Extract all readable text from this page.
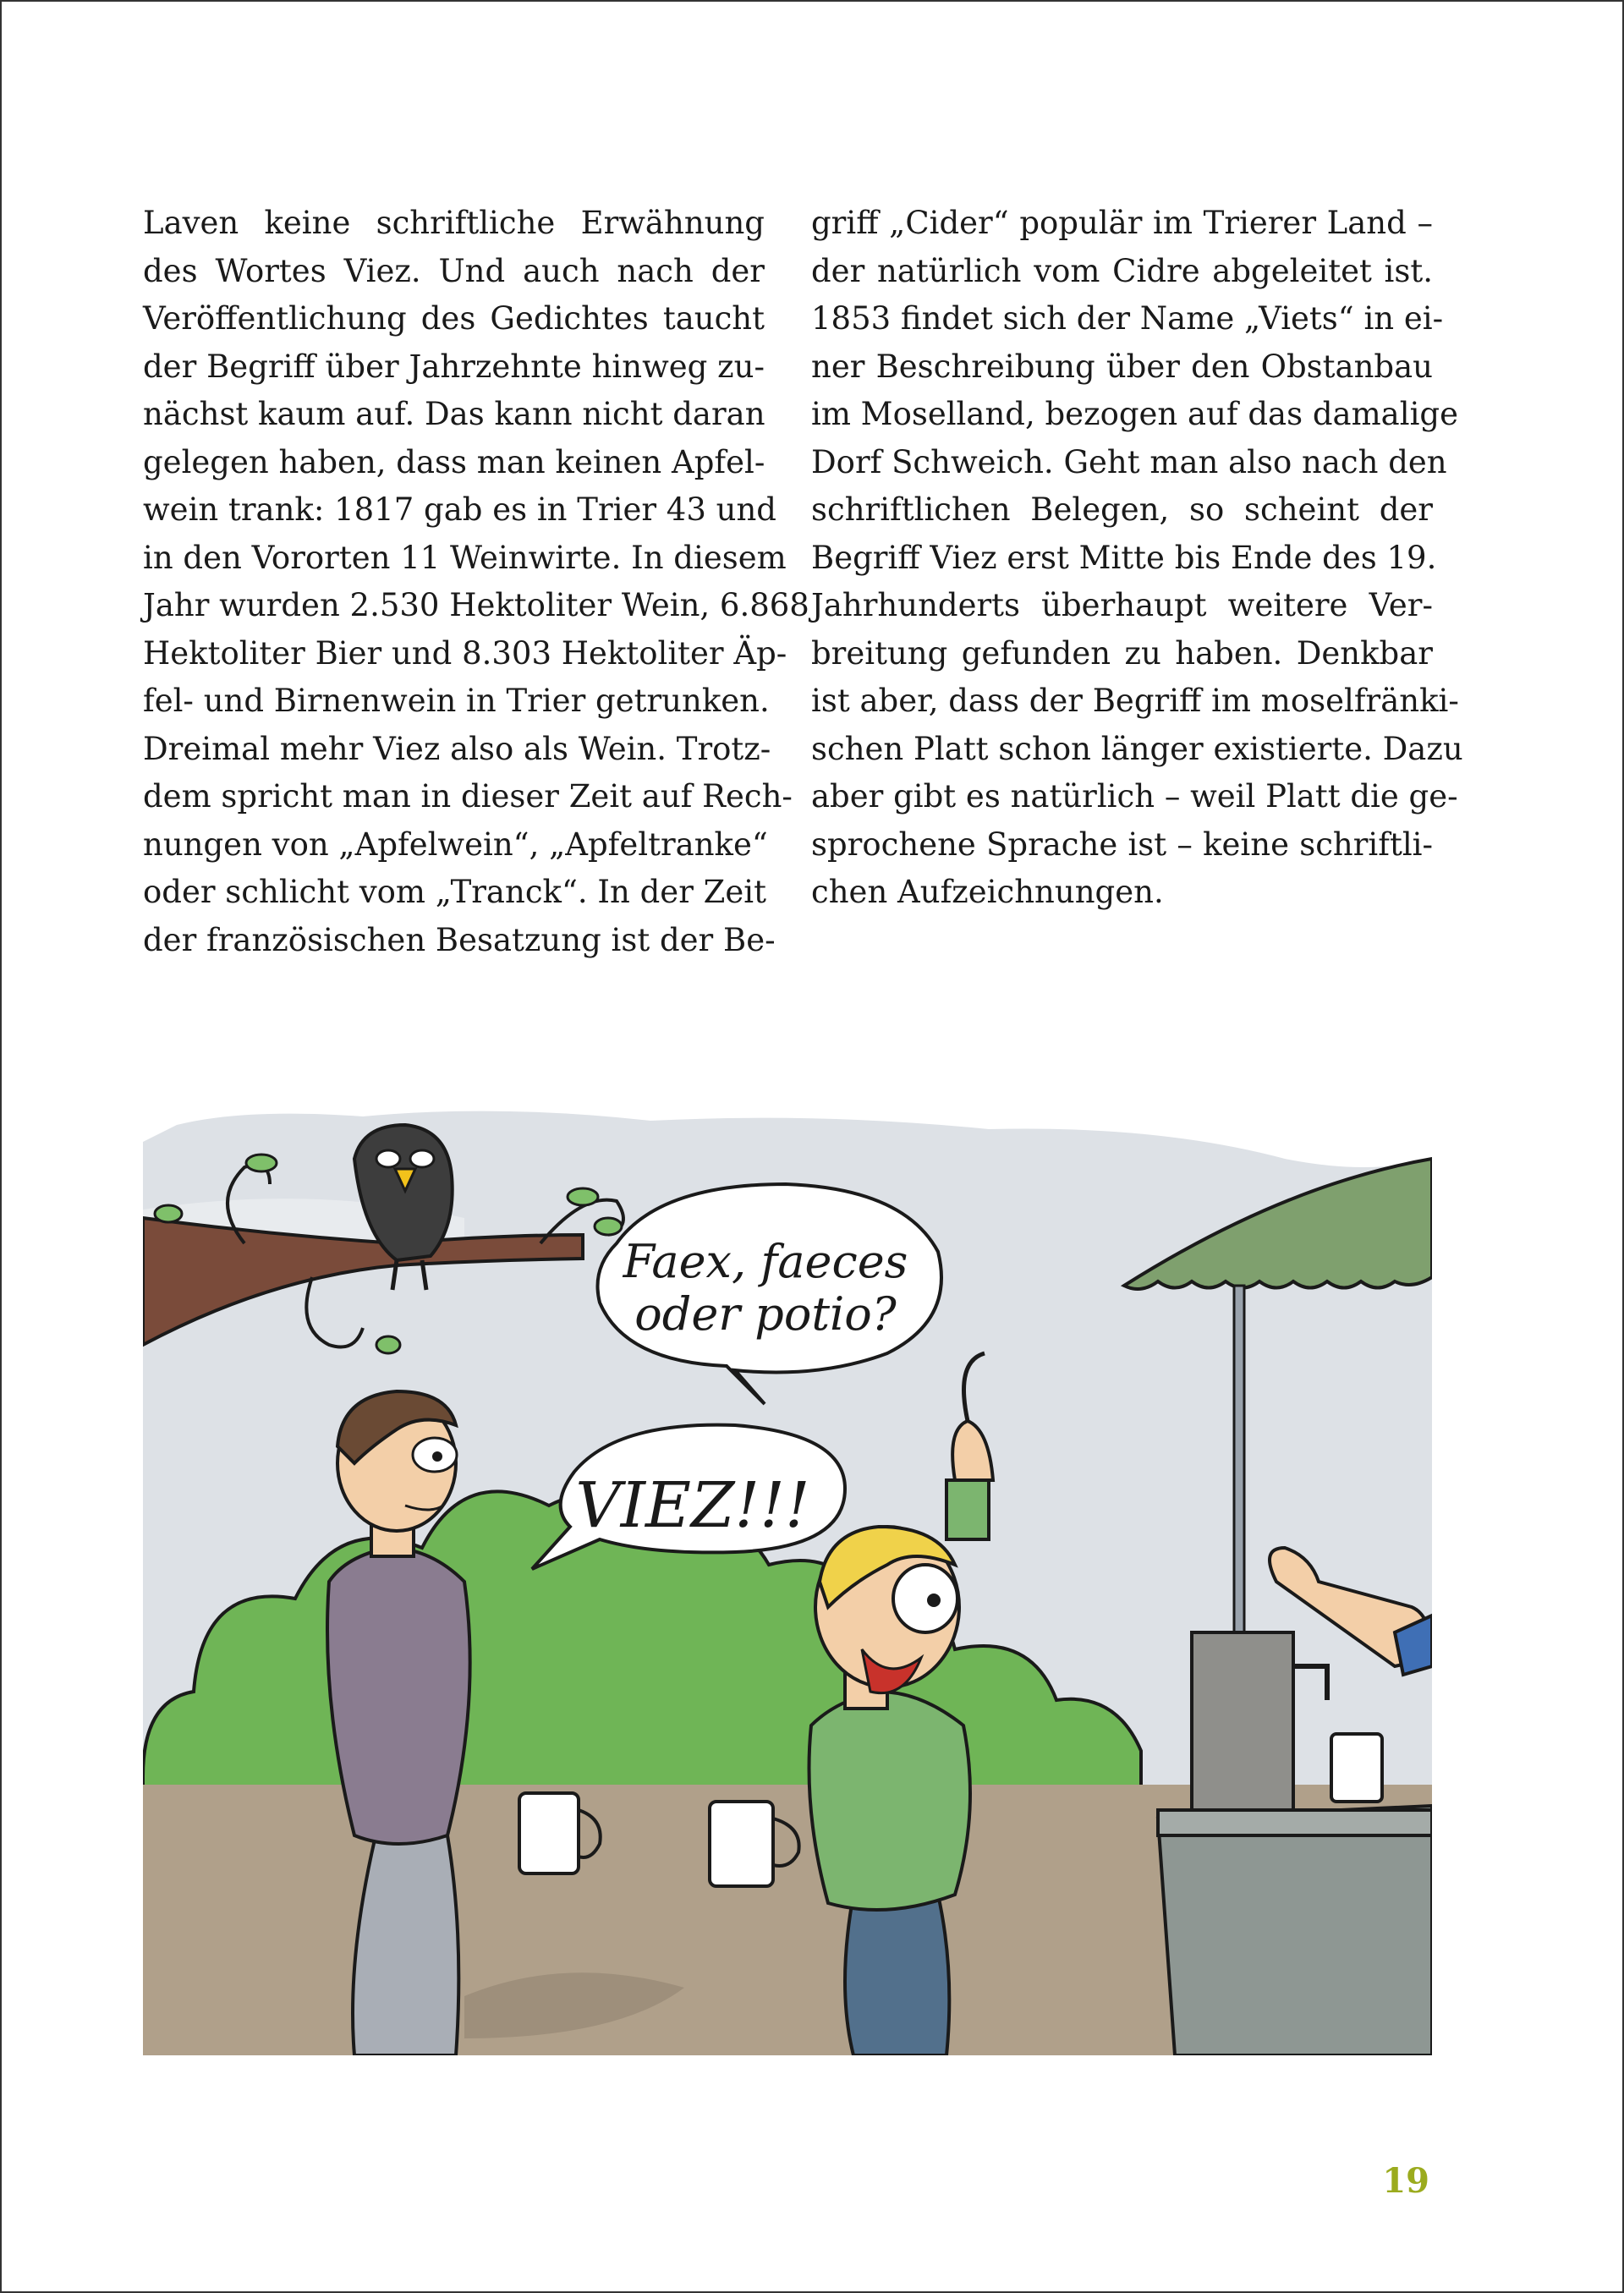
Laven keine schriftliche Erwähnung
des Wortes Viez. Und auch nach der
Veröffentlichung des Gedichtes taucht
der Begriff über Jahrzehnte hinweg zu-
nächst kaum auf. Das kann nicht daran
gelegen haben, dass man keinen Apfel-
wein trank: 1817 gab es in Trier 43 und
in den Vororten 11 Weinwirte. In diesem
Jahr wurden 2.530 Hektoliter Wein, 6.868
Hektoliter Bier und 8.303 Hektoliter Äp-
fel- und Birnenwein in Trier getrunken.
Dreimal mehr Viez also als Wein. Trotz-
dem spricht man in dieser Zeit auf Rech-
nungen von „Apfelwein“, „Apfeltranke“
oder schlicht vom „Tranck“. In der Zeit
der französischen Besatzung ist der Be-
griff „Cider“ populär im Trierer Land –
der natürlich vom Cidre abgeleitet ist.
1853 findet sich der Name „Viets“ in ei-
ner Beschreibung über den Obstanbau
im Moselland, bezogen auf das damalige
Dorf Schweich. Geht man also nach den
schriftlichen Belegen, so scheint der
Begriff Viez erst Mitte bis Ende des 19.
Jahrhunderts überhaupt weitere Ver-
breitung gefunden zu haben. Denkbar
ist aber, dass der Begriff im moselfränki-
schen Platt schon länger existierte. Dazu
aber gibt es natürlich – weil Platt die ge-
sprochene Sprache ist – keine schriftli-
chen Aufzeichnungen.
Faex, faeces
oder potio?
VIEZ!!!
19
